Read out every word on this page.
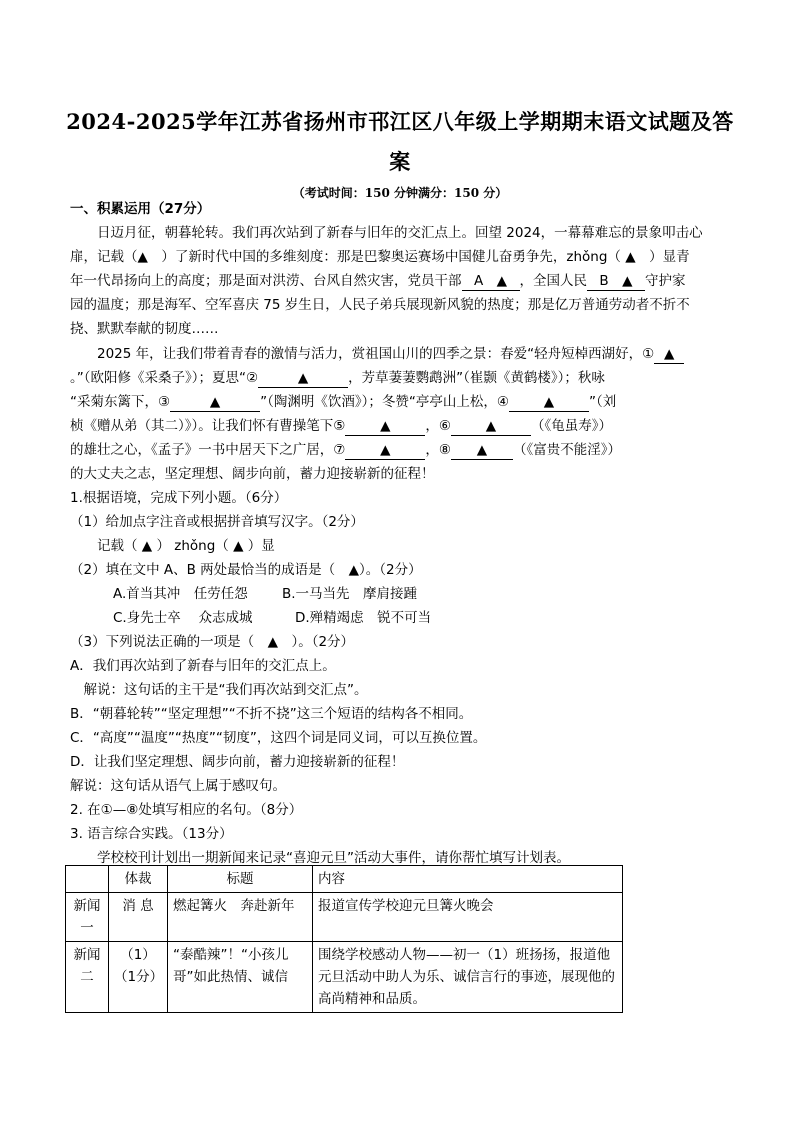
2024-2025学年江苏省扬州市邗江区八年级上学期期末语文试题及答
案
（考试时间：150 分钟满分：150 分）
一、积累运用（27分）
　　日迈月征，朝暮轮转。我们再次站到了新春与旧年的交汇点上。回望 2024，一幕幕难忘的景象叩击心
扉，记载（▲　）了新时代中国的多维刻度：那是巴黎奥运赛场中国健儿奋勇争先，zhǒng（ ▲　）显青
年一代昂扬向上的高度；那是面对洪涝、台风自然灾害，党员干部 A　▲ ，全国人民 B　▲ 守护家
园的温度；那是海军、空军喜庆 75 岁生日，人民子弟兵展现新风貌的热度；那是亿万普通劳动者不折不
挠、默默奉献的韧度……
　　2025 年，让我们带着青春的激情与活力，赏祖国山川的四季之景：春爱“轻舟短棹西湖好，① ▲
。”（欧阳修《采桑子》）；夏思“②	▲	，芳草萋萋鹦鹉洲”（崔颢《黄鹤楼》）；秋咏
“采菊东篱下，③	▲	”（陶渊明《饮酒》）；冬赞“亭亭山上松，④	▲	”（刘
桢《赠从弟（其二）》）。让我们怀有曹操笔下⑤	▲	，⑥	▲	（《龟虽寿》）
的雄壮之心，《孟子》一书中居天下之广居，⑦	▲	，⑧ ▲ （《富贵不能淫》）
的大丈夫之志，坚定理想、阔步向前，蓄力迎接崭新的征程！
1.根据语境，完成下列小题。（6分）
（1）给加点字注音或根据拼音填写汉字。（2分）
　　记载（ ▲ ） zhǒng（ ▲ ）显
（2）填在文中 A、B 两处最恰当的成语是（　▲）。（2分）
A.首当其冲　任劳任怨	B.一马当先　摩肩接踵
C.身先士卒　 众志成城	D.殚精竭虑　锐不可当
（3）下列说法正确的一项是（　▲　）。（2分）
A．我们再次站到了新春与旧年的交汇点上。
　解说：这句话的主干是“我们再次站到交汇点”。
B．“朝暮轮转”“坚定理想”“不折不挠”这三个短语的结构各不相同。
C．“高度”“温度”“热度”“韧度”，这四个词是同义词，可以互换位置。
D．让我们坚定理想、阔步向前，蓄力迎接崭新的征程！
解说：这句话从语气上属于感叹句。
2. 在①—⑧处填写相应的名句。（8分）
3. 语言综合实践。（13分）
　　学校校刊计划出一期新闻来记录“喜迎元旦”活动大事件，请你帮忙填写计划表。
	体裁	标题	内容
新闻一	消 息	燃起篝火　奔赴新年	报道宣传学校迎元旦篝火晚会
新闻二	（1）（1分）	“泰酷辣”！“小孩儿哥”如此热情、诚信	围绕学校感动人物——初一（1）班扬扬，报道他元旦活动中助人为乐、诚信言行的事迹，展现他的高尚精神和品质。
